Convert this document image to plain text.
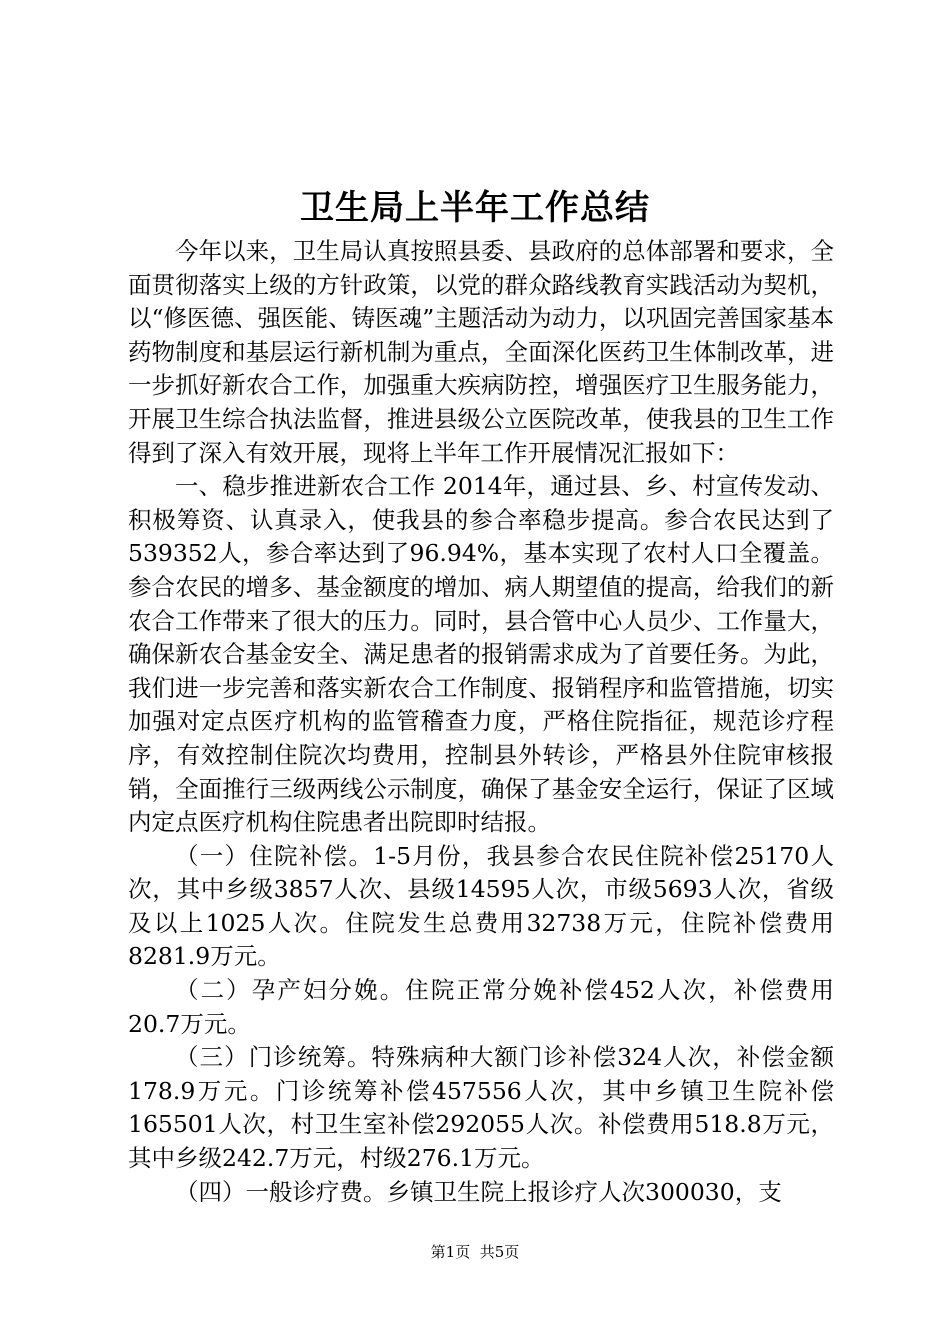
卫生局上半年工作总结

今年以来，卫生局认真按照县委、县政府的总体部署和要求，全面贯彻落实上级的方针政策，以党的群众路线教育实践活动为契机，以“修医德、强医能、铸医魂”主题活动为动力，以巩固完善国家基本药物制度和基层运行新机制为重点，全面深化医药卫生体制改革，进一步抓好新农合工作，加强重大疾病防控，增强医疗卫生服务能力，开展卫生综合执法监督，推进县级公立医院改革，使我县的卫生工作得到了深入有效开展，现将上半年工作开展情况汇报如下：

一、稳步推进新农合工作 2014年，通过县、乡、村宣传发动、积极筹资、认真录入，使我县的参合率稳步提高。参合农民达到了539352人，参合率达到了96.94%，基本实现了农村人口全覆盖。参合农民的增多、基金额度的增加、病人期望值的提高，给我们的新农合工作带来了很大的压力。同时，县合管中心人员少、工作量大，确保新农合基金安全、满足患者的报销需求成为了首要任务。为此，我们进一步完善和落实新农合工作制度、报销程序和监管措施，切实加强对定点医疗机构的监管稽查力度，严格住院指征，规范诊疗程序，有效控制住院次均费用，控制县外转诊，严格县外住院审核报销，全面推行三级两线公示制度，确保了基金安全运行，保证了区域内定点医疗机构住院患者出院即时结报。

（一）住院补偿。1-5月份，我县参合农民住院补偿25170人次，其中乡级3857人次、县级14595人次，市级5693人次，省级及以上1025人次。住院发生总费用32738万元，住院补偿费用8281.9万元。

（二）孕产妇分娩。住院正常分娩补偿452人次，补偿费用20.7万元。

（三）门诊统筹。特殊病种大额门诊补偿324人次，补偿金额178.9万元。门诊统筹补偿457556人次，其中乡镇卫生院补偿165501人次，村卫生室补偿292055人次。补偿费用518.8万元，其中乡级242.7万元，村级276.1万元。

（四）一般诊疗费。乡镇卫生院上报诊疗人次300030，支

第1页 共5页
